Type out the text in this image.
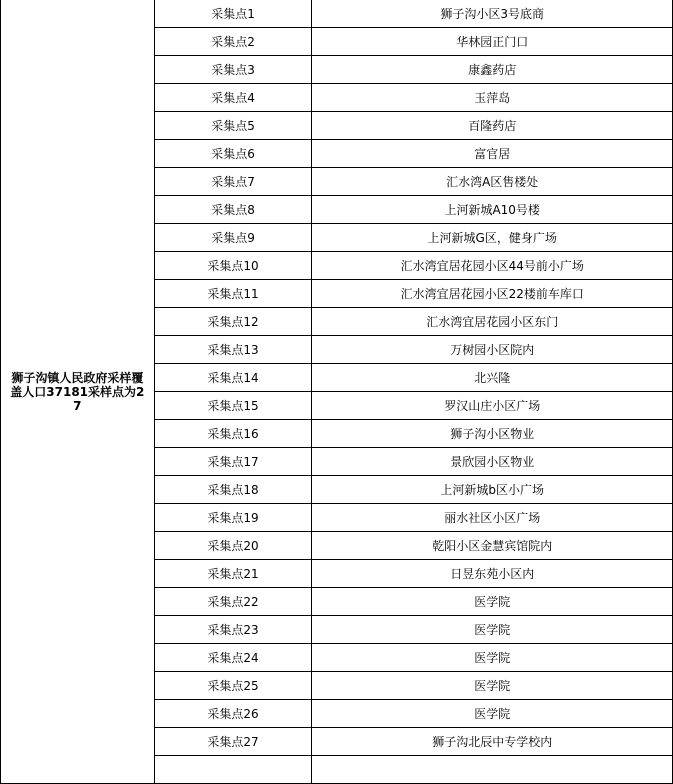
狮子沟镇人民政府采样覆盖人口37181采样点为27	采集点1	狮子沟小区3号底商
	采集点2	华林园正门口
	采集点3	康鑫药店
	采集点4	玉萍岛
	采集点5	百隆药店
	采集点6	富官居
	采集点7	汇水湾A区售楼处
	采集点8	上河新城A10号楼
	采集点9	上河新城G区，健身广场
	采集点10	汇水湾宜居花园小区44号前小广场
	采集点11	汇水湾宜居花园小区22楼前车库口
	采集点12	汇水湾宜居花园小区东门
	采集点13	万树园小区院内
	采集点14	北兴隆
	采集点15	罗汉山庄小区广场
	采集点16	狮子沟小区物业
	采集点17	景欣园小区物业
	采集点18	上河新城b区小广场
	采集点19	丽水社区小区广场
	采集点20	乾阳小区金慧宾馆院内
	采集点21	日昱东苑小区内
	采集点22	医学院
	采集点23	医学院
	采集点24	医学院
	采集点25	医学院
	采集点26	医学院
	采集点27	狮子沟北辰中专学校内
